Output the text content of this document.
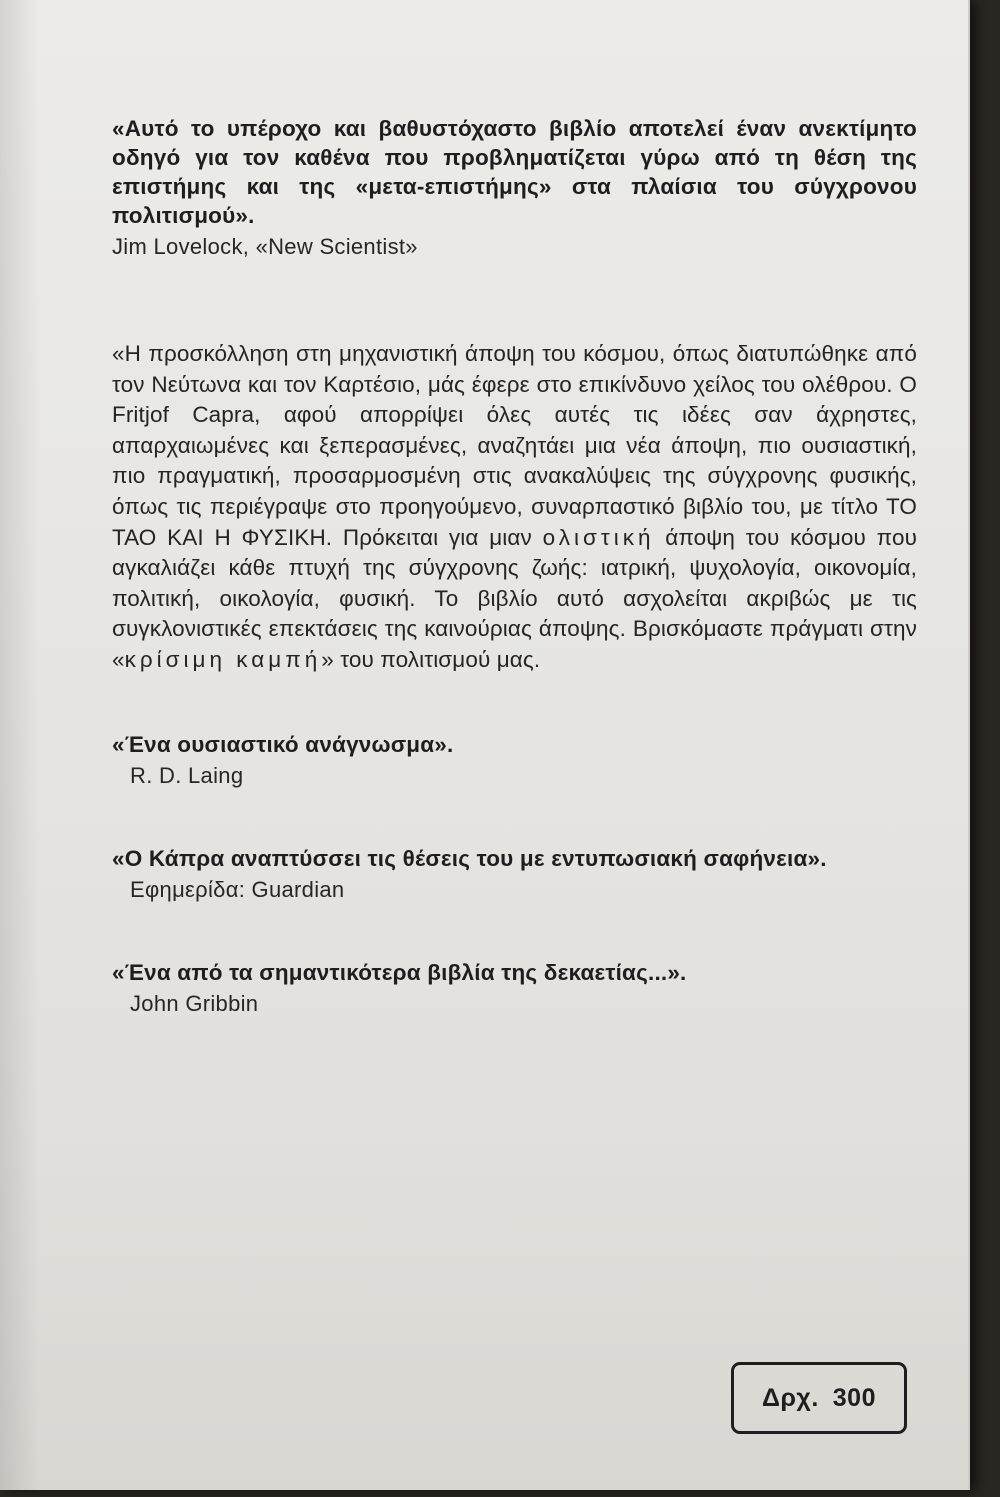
«Αυτό το υπέροχο και βαθυστόχαστο βιβλίο αποτελεί έναν ανεκτίμητο οδηγό για τον καθένα που προβληματίζεται γύρω από τη θέση της επιστήμης και της «μετα-επιστήμης» στα πλαίσια του σύγχρονου πολιτισμού».

Jim Lovelock, «New Scientist»

«Η προσκόλληση στη μηχανιστική άποψη του κόσμου, όπως διατυπώθηκε από τον Νεύτωνα και τον Καρτέσιο, μάς έφερε στο επικίνδυνο χείλος του ολέθρου. Ο Fritjof Capra, αφού απορρίψει όλες αυτές τις ιδέες σαν άχρηστες, απαρχαιωμένες και ξεπερασμένες, αναζητάει μια νέα άποψη, πιο ουσιαστική, πιο πραγματική, προσαρμοσμένη στις ανακαλύψεις της σύγχρονης φυσικής, όπως τις περιέγραψε στο προηγούμενο, συναρπαστικό βιβλίο του, με τίτλο ΤΟ ΤΑΟ ΚΑΙ Η ΦΥΣΙΚΗ. Πρόκειται για μιαν ολιστική άποψη του κόσμου που αγκαλιάζει κάθε πτυχή της σύγχρονης ζωής: ιατρική, ψυχολογία, οικονομία, πολιτική, οικολογία, φυσική. Το βιβλίο αυτό ασχολείται ακριβώς με τις συγκλονιστικές επεκτάσεις της καινούριας άποψης. Βρισκόμαστε πράγματι στην «κρίσιμη καμπή» του πολιτισμού μας.

«Ένα ουσιαστικό ανάγνωσμα».

R. D. Laing

«Ο Κάπρα αναπτύσσει τις θέσεις του με εντυπωσιακή σαφήνεια».

Εφημερίδα: Guardian

«Ένα από τα σημαντικότερα βιβλία της δεκαετίας...».

John Gribbin

Δρχ. 300
